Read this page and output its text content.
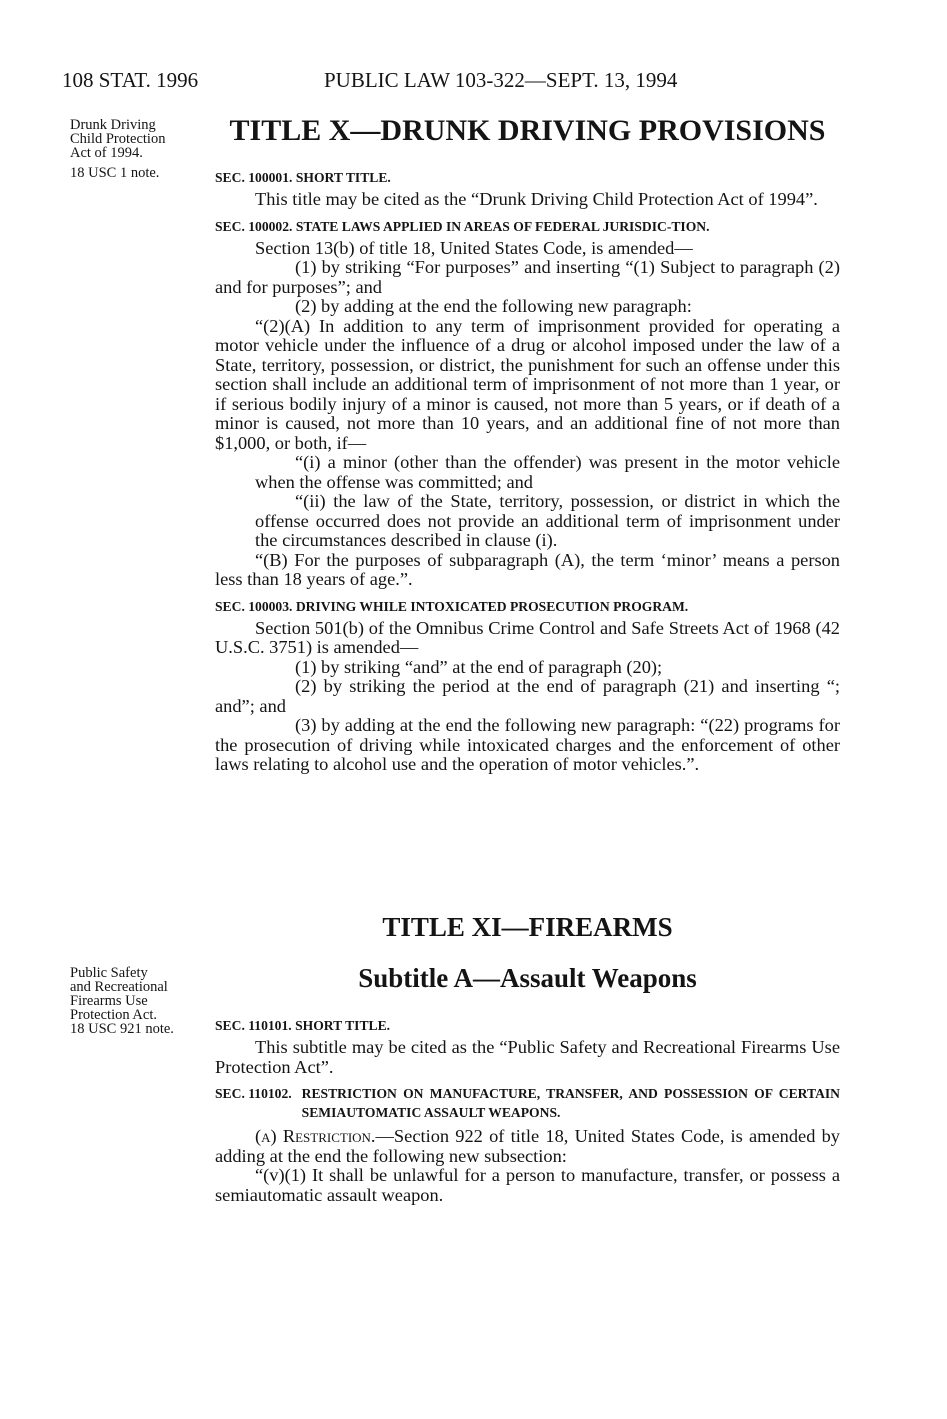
108 STAT. 1996	PUBLIC LAW 103-322—SEPT. 13, 1994
Drunk Driving
Child Protection
Act of 1994.
18 USC 1 note.
TITLE X—DRUNK DRIVING PROVISIONS

SEC. 100001. SHORT TITLE.

This title may be cited as the “Drunk Driving Child Protection Act of 1994”.

SEC. 100002. STATE LAWS APPLIED IN AREAS OF FEDERAL JURISDIC-TION.

Section 13(b) of title 18, United States Code, is amended—

(1) by striking “For purposes” and inserting “(1) Subject to paragraph (2) and for purposes”; and

(2) by adding at the end the following new paragraph:

“(2)(A) In addition to any term of imprisonment provided for operating a motor vehicle under the influence of a drug or alcohol imposed under the law of a State, territory, possession, or district, the punishment for such an offense under this section shall include an additional term of imprisonment of not more than 1 year, or if serious bodily injury of a minor is caused, not more than 5 years, or if death of a minor is caused, not more than 10 years, and an additional fine of not more than $1,000, or both, if—

“(i) a minor (other than the offender) was present in the motor vehicle when the offense was committed; and

“(ii) the law of the State, territory, possession, or district in which the offense occurred does not provide an additional term of imprisonment under the circumstances described in clause (i).

“(B) For the purposes of subparagraph (A), the term ‘minor’ means a person less than 18 years of age.”.

SEC. 100003. DRIVING WHILE INTOXICATED PROSECUTION PROGRAM.

Section 501(b) of the Omnibus Crime Control and Safe Streets Act of 1968 (42 U.S.C. 3751) is amended—

(1) by striking “and” at the end of paragraph (20);

(2) by striking the period at the end of paragraph (21) and inserting “; and”; and

(3) by adding at the end the following new paragraph: “(22) programs for the prosecution of driving while intoxicated charges and the enforcement of other laws relating to alcohol use and the operation of motor vehicles.”.

TITLE XI—FIREARMS
Subtitle A—Assault Weapons
Public Safety
and Recreational
Firearms Use
Protection Act.
18 USC 921 note.	SEC. 110101. SHORT TITLE.

This subtitle may be cited as the “Public Safety and Recreational Firearms Use Protection Act”.

SEC. 110102. RESTRICTION ON MANUFACTURE, TRANSFER, AND POSSESSION OF CERTAIN SEMIAUTOMATIC ASSAULT WEAPONS.

(a) Restriction.—Section 922 of title 18, United States Code, is amended by adding at the end the following new subsection:

“(v)(1) It shall be unlawful for a person to manufacture, transfer, or possess a semiautomatic assault weapon.
